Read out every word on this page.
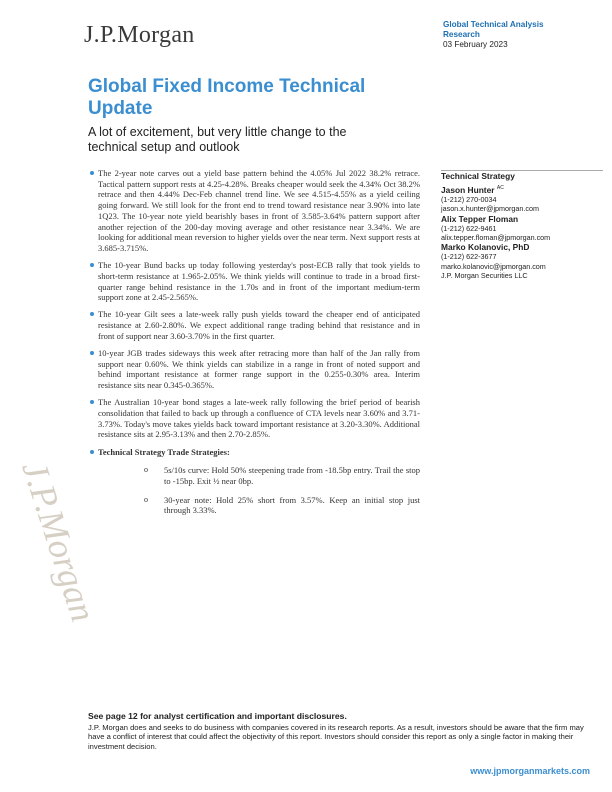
J.P.Morgan	Global Technical Analysis
Research
03 February 2023
Global Fixed Income Technical Update
A lot of excitement, but very little change to the technical setup and outlook
J.P.Morgan
The 2-year note carves out a yield base pattern behind the 4.05% Jul 2022 38.2% retrace. Tactical pattern support rests at 4.25-4.28%. Breaks cheaper would seek the 4.34% Oct 38.2% retrace and then 4.44% Dec-Feb channel trend line. We see 4.515-4.55% as a yield ceiling going forward. We still look for the front end to trend toward resistance near 3.90% into late 1Q23. The 10-year note yield bearishly bases in front of 3.585-3.64% pattern support after another rejection of the 200-day moving average and other resistance near 3.34%. We are looking for additional mean reversion to higher yields over the near term. Next support rests at 3.685-3.715%.
The 10-year Bund backs up today following yesterday's post-ECB rally that took yields to short-term resistance at 1.965-2.05%. We think yields will continue to trade in a broad first-quarter range behind resistance in the 1.70s and in front of the important medium-term support zone at 2.45-2.565%.
The 10-year Gilt sees a late-week rally push yields toward the cheaper end of anticipated resistance at 2.60-2.80%. We expect additional range trading behind that resistance and in front of support near 3.60-3.70% in the first quarter.
10-year JGB trades sideways this week after retracing more than half of the Jan rally from support near 0.60%. We think yields can stabilize in a range in front of noted support and behind important resistance at former range support in the 0.255-0.30% area. Interim resistance sits near 0.345-0.365%.
The Australian 10-year bond stages a late-week rally following the brief period of bearish consolidation that failed to back up through a confluence of CTA levels near 3.60% and 3.71-3.73%. Today's move takes yields back toward important resistance at 3.20-3.30%. Additional resistance sits at 2.95-3.13% and then 2.70-2.85%.
Technical Strategy Trade Strategies:
o 5s/10s curve: Hold 50% steepening trade from -18.5bp entry. Trail the stop to -15bp. Exit ½ near 0bp.
o 30-year note: Hold 25% short from 3.57%. Keep an initial stop just through 3.33%.
Technical Strategy
Jason Hunter $^{AC}$
(1-212) 270-0034
jason.x.hunter@jpmorgan.com
Alix Tepper Floman
(1-212) 622-9461
alix.tepper.floman@jpmorgan.com
Marko Kolanovic, PhD
(1-212) 622-3677
marko.kolanovic@jpmorgan.com
J.P. Morgan Securities LLC
See page 12 for analyst certification and important disclosures.
J.P. Morgan does and seeks to do business with companies covered in its research reports. As a result, investors should be aware that the firm may have a conflict of interest that could affect the objectivity of this report. Investors should consider this report as only a single factor in making their investment decision.
www.jpmorganmarkets.com
